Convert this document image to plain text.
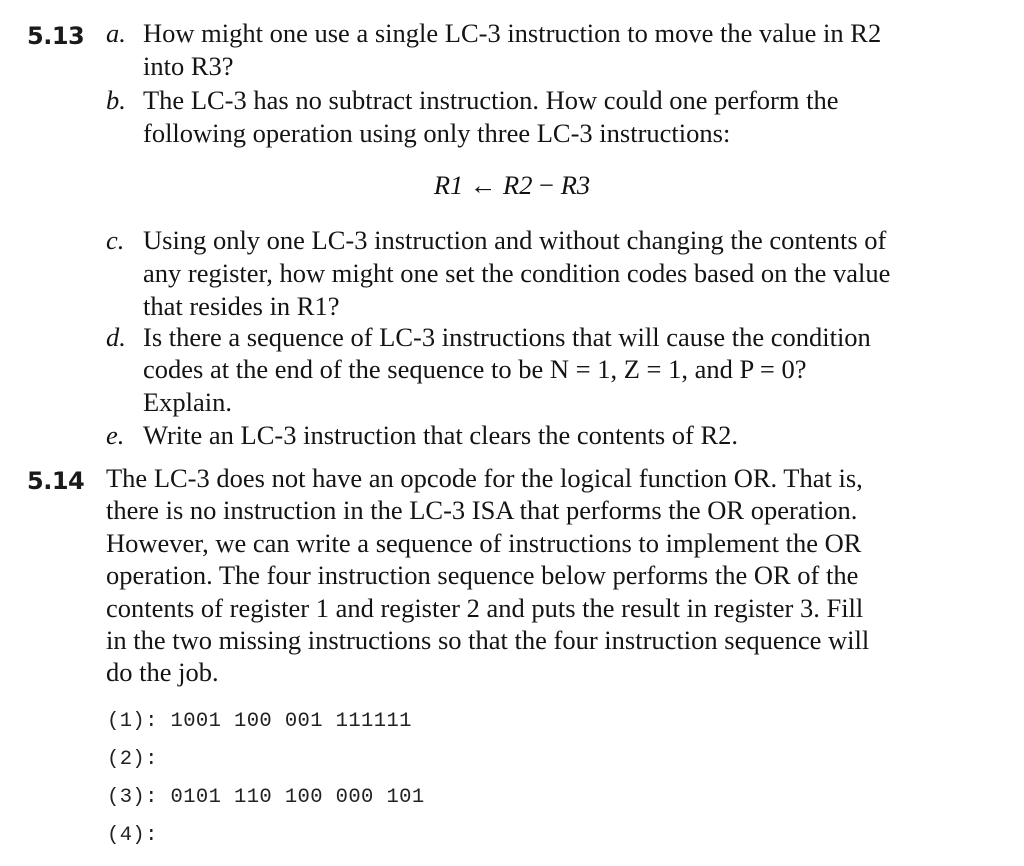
5.13 a. How might one use a single LC-3 instruction to move the value in R2
into R3?
b. The LC-3 has no subtract instruction. How could one perform the
following operation using only three LC-3 instructions:
R1 ← R2 − R3
c. Using only one LC-3 instruction and without changing the contents of
any register, how might one set the condition codes based on the value
that resides in R1?
d. Is there a sequence of LC-3 instructions that will cause the condition
codes at the end of the sequence to be N = 1, Z = 1, and P = 0?
Explain.
e. Write an LC-3 instruction that clears the contents of R2.
5.14 The LC-3 does not have an opcode for the logical function OR. That is,
there is no instruction in the LC-3 ISA that performs the OR operation.
However, we can write a sequence of instructions to implement the OR
operation. The four instruction sequence below performs the OR of the
contents of register 1 and register 2 and puts the result in register 3. Fill
in the two missing instructions so that the four instruction sequence will
do the job.
(1): 1001 100 001 111111
(2):
(3): 0101 110 100 000 101
(4):
